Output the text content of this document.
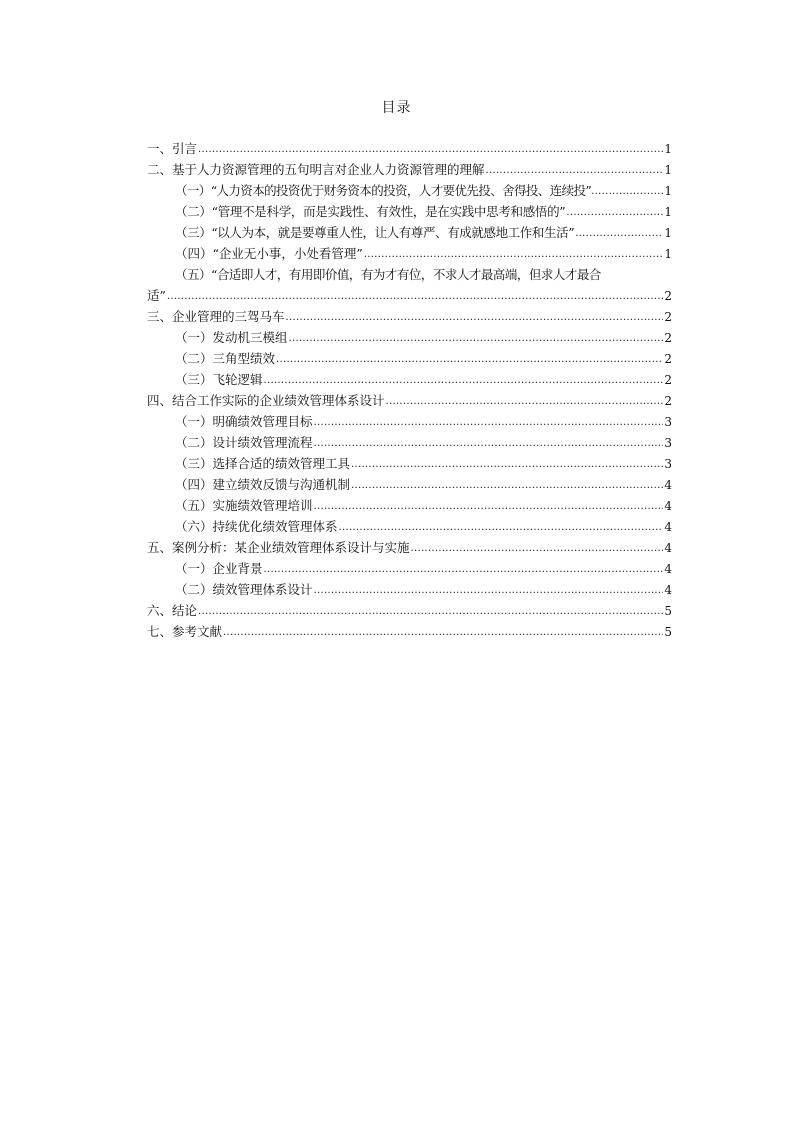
目录
一、引言 .....	1
二、基于人力资源管理的五句明言对企业人力资源管理的理解 .....	1
（一）“人力资本的投资优于财务资本的投资，人才要优先投、舍得投、连续投” .....	1
（二）“管理不是科学，而是实践性、有效性，是在实践中思考和感悟的” .....	1
（三）“以人为本，就是要尊重人性，让人有尊严、有成就感地工作和生活” .....	1
（四）“企业无小事，小处看管理” .....	1
（五）“合适即人才，有用即价值，有为才有位，不求人才最高端，但求人才最合
适” .....	2
三、企业管理的三驾马车 .....	2
（一）发动机三模组 .....	2
（二）三角型绩效 .....	2
（三）飞轮逻辑 .....	2
四、结合工作实际的企业绩效管理体系设计 .....	2
（一）明确绩效管理目标 .....	3
（二）设计绩效管理流程 .....	3
（三）选择合适的绩效管理工具 .....	3
（四）建立绩效反馈与沟通机制 .....	4
（五）实施绩效管理培训 .....	4
（六）持续优化绩效管理体系 .....	4
五、案例分析：某企业绩效管理体系设计与实施 .....	4
（一）企业背景 .....	4
（二）绩效管理体系设计 .....	4
六、结论 .....	5
七、参考文献 .....	5
